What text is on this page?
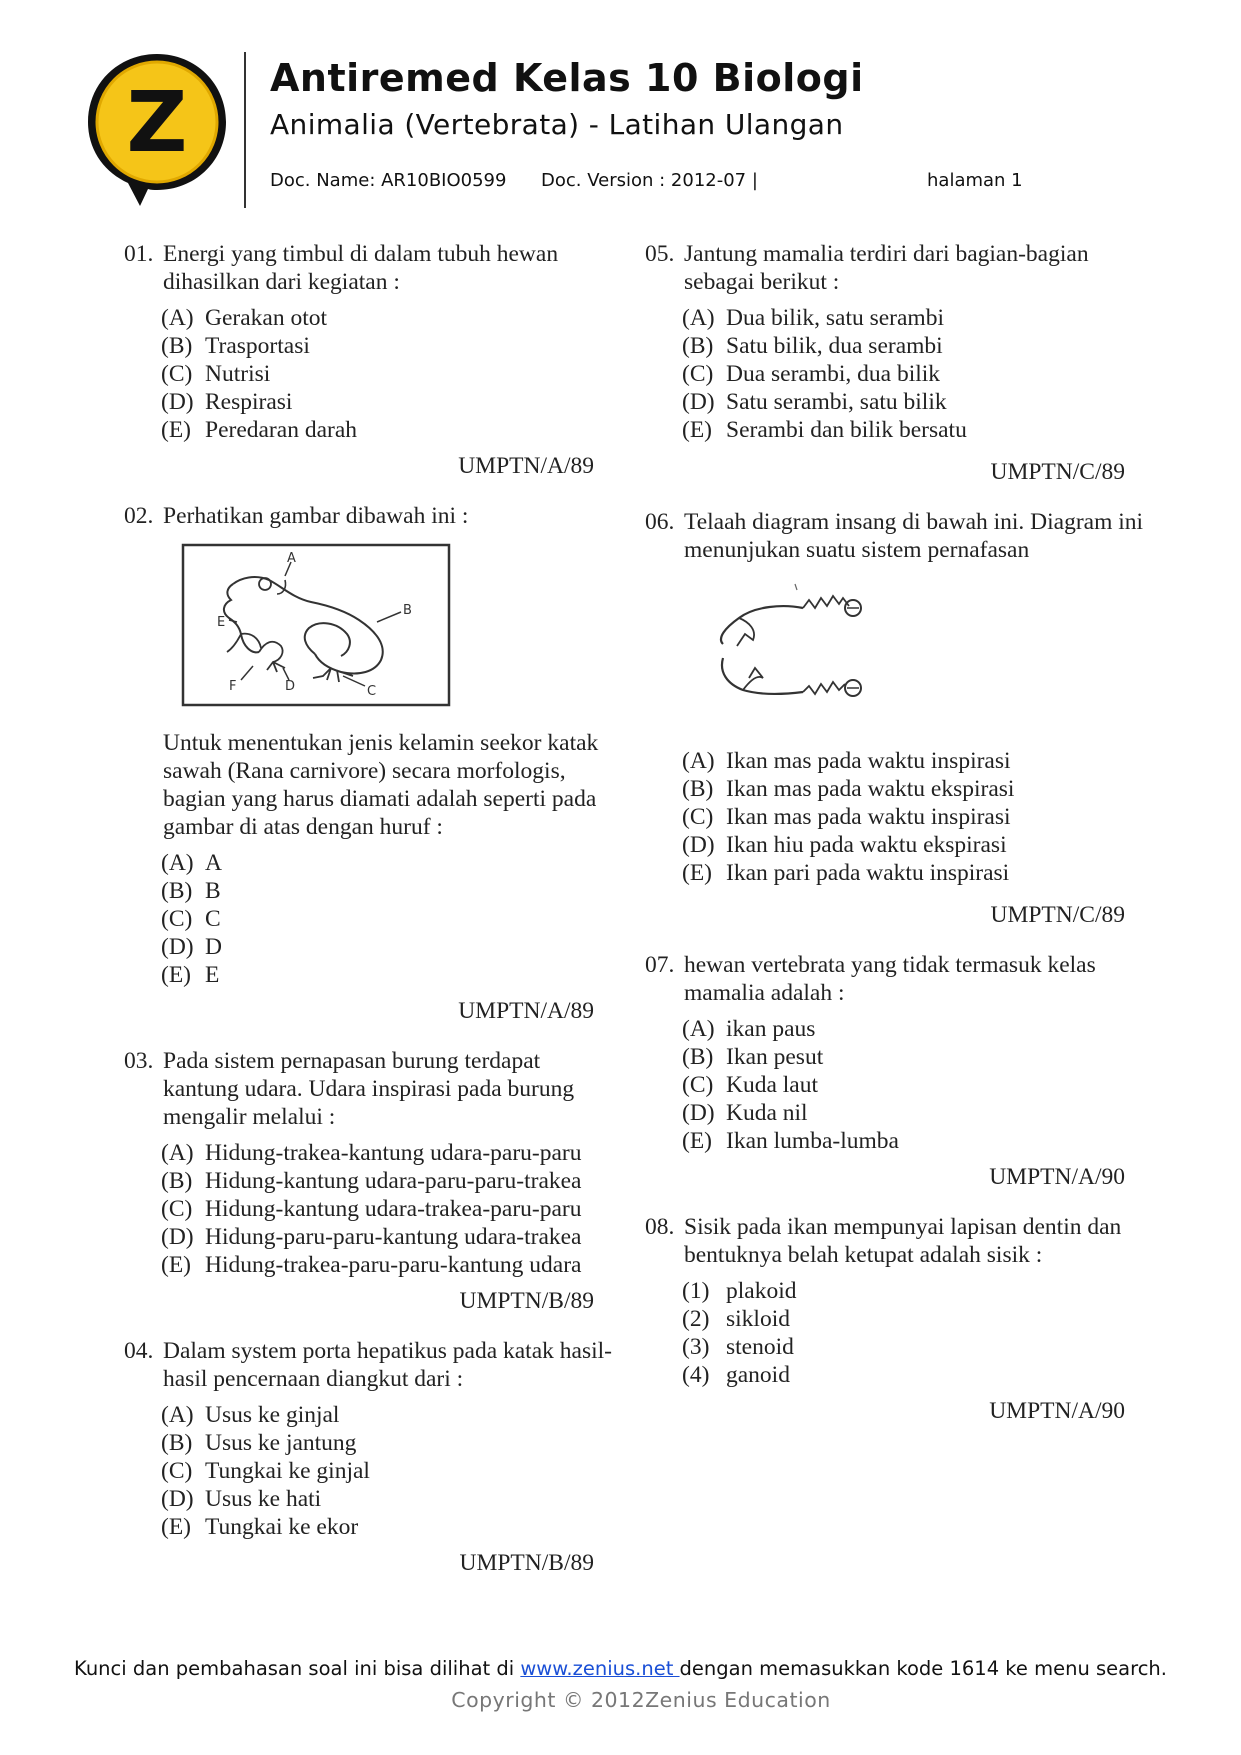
Z Antiremed Kelas 10 Biologi
Animalia (Vertebrata) - Latihan Ulangan
Doc. Name: AR10BIO0599 Doc. Version : 2012-07 |	halaman 1
01. Energi yang timbul di dalam tubuh hewan dihasilkan dari kegiatan :
(A) Gerakan otot
(B) Trasportasi
(C) Nutrisi
(D) Respirasi
(E) Peredaran darah
UMPTN/A/89
02. Perhatikan gambar dibawah ini :
A
B
C
D
E
F
Untuk menentukan jenis kelamin seekor katak sawah (Rana carnivore) secara morfologis, bagian yang harus diamati adalah seperti pada gambar di atas dengan huruf :
(A) A
(B) B
(C) C
(D) D
(E) E
UMPTN/A/89
03. Pada sistem pernapasan burung terdapat kantung udara. Udara inspirasi pada burung mengalir melalui :
(A) Hidung-trakea-kantung udara-paru-paru
(B) Hidung-kantung udara-paru-paru-trakea
(C) Hidung-kantung udara-trakea-paru-paru
(D) Hidung-paru-paru-kantung udara-trakea
(E) Hidung-trakea-paru-paru-kantung udara
UMPTN/B/89
04. Dalam system porta hepatikus pada katak hasil-hasil pencernaan diangkut dari :
(A) Usus ke ginjal
(B) Usus ke jantung
(C) Tungkai ke ginjal
(D) Usus ke hati
(E) Tungkai ke ekor
UMPTN/B/89
05. Jantung mamalia terdiri dari bagian-bagian sebagai berikut :
(A) Dua bilik, satu serambi
(B) Satu bilik, dua serambi
(C) Dua serambi, dua bilik
(D) Satu serambi, satu bilik
(E) Serambi dan bilik bersatu
UMPTN/C/89
06. Telaah diagram insang di bawah ini. Diagram ini menunjukan suatu sistem pernafasan
(A) Ikan mas pada waktu inspirasi
(B) Ikan mas pada waktu ekspirasi
(C) Ikan mas pada waktu inspirasi
(D) Ikan hiu pada waktu ekspirasi
(E) Ikan pari pada waktu inspirasi
UMPTN/C/89
07. hewan vertebrata yang tidak termasuk kelas mamalia adalah :
(A) ikan paus
(B) Ikan pesut
(C) Kuda laut
(D) Kuda nil
(E) Ikan lumba-lumba
UMPTN/A/90
08. Sisik pada ikan mempunyai lapisan dentin dan bentuknya belah ketupat adalah sisik :
(1) plakoid
(2) sikloid
(3) stenoid
(4) ganoid
UMPTN/A/90
Kunci dan pembahasan soal ini bisa dilihat di www.zenius.net dengan memasukkan kode 1614 ke menu search.
Copyright © 2012Zenius Education
